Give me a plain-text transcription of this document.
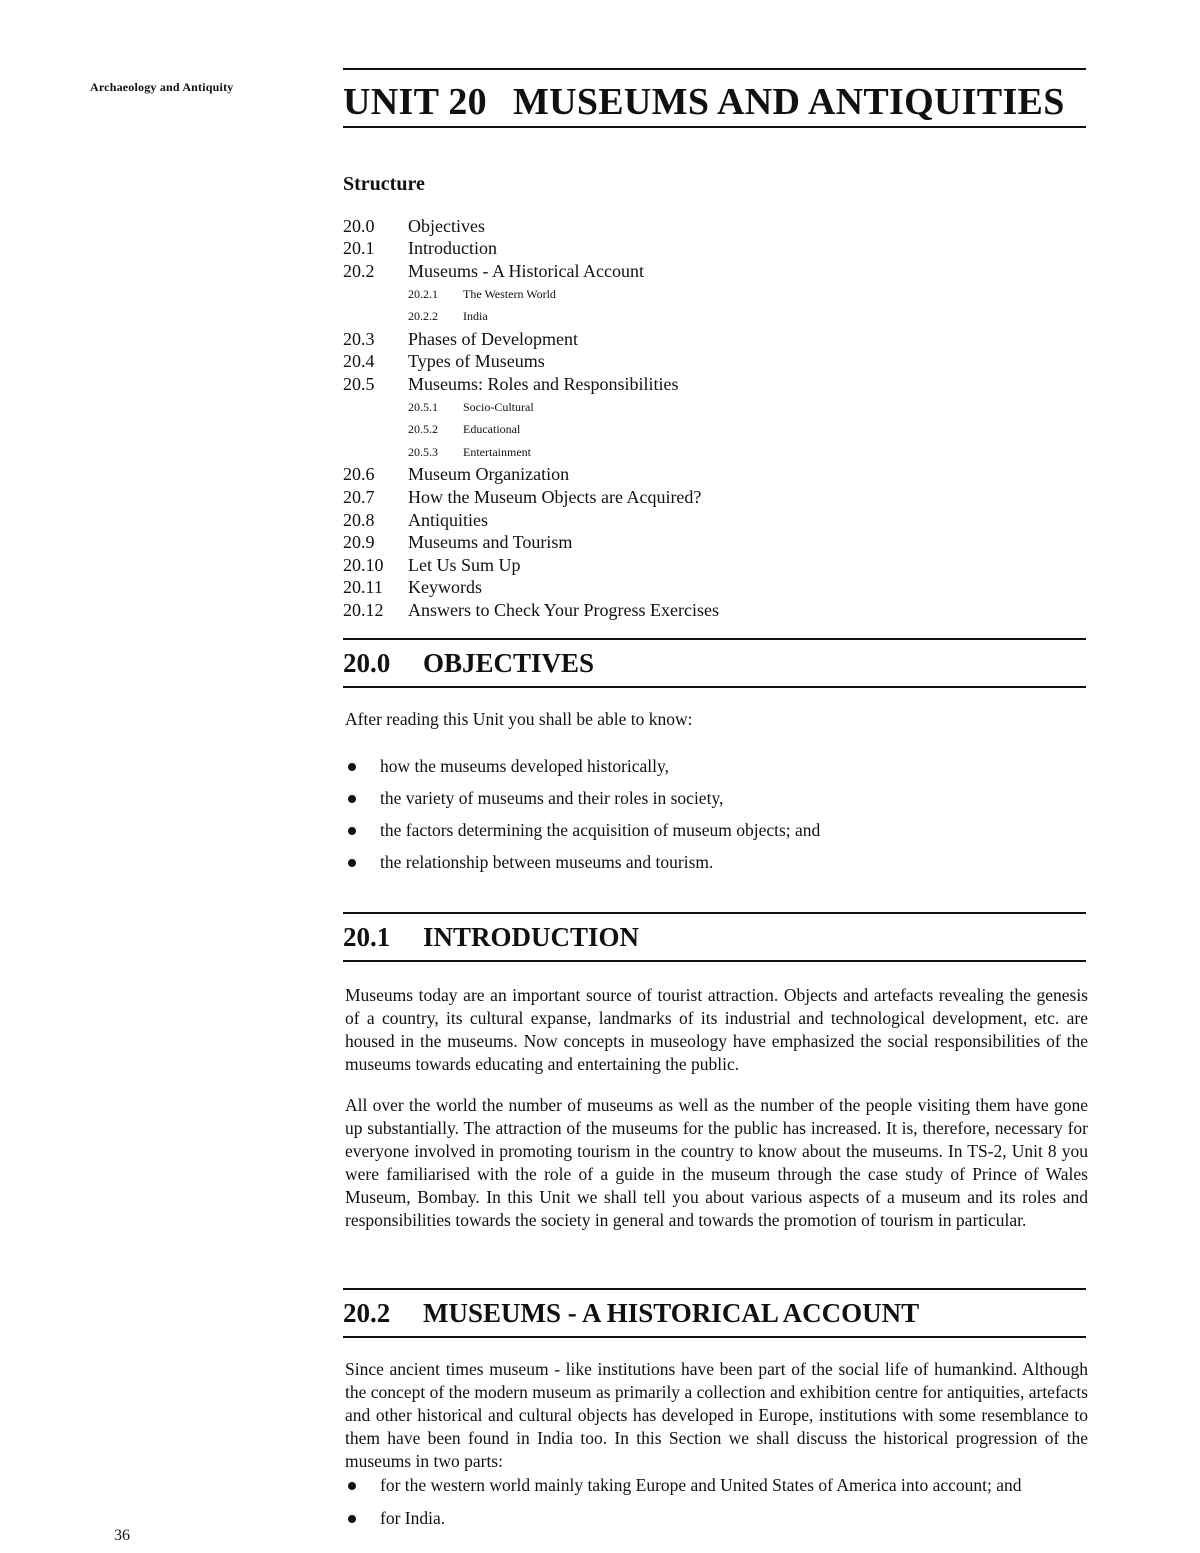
Archaeology and Antiquity	UNIT 20 MUSEUMS AND ANTIQUITIES
Structure
20.0	Objectives
20.1	Introduction
20.2	Museums - A Historical Account
20.2.1	The Western World
20.2.2	India
20.3	Phases of Development
20.4	Types of Museums
20.5	Museums: Roles and Responsibilities
20.5.1	Socio-Cultural
20.5.2	Educational
20.5.3	Entertainment
20.6	Museum Organization
20.7	How the Museum Objects are Acquired?
20.8	Antiquities
20.9	Museums and Tourism
20.10	Let Us Sum Up
20.11	Keywords
20.12	Answers to Check Your Progress Exercises
20.0 OBJECTIVES
After reading this Unit you shall be able to know:
how the museums developed historically,
the variety of museums and their roles in society,
the factors determining the acquisition of museum objects; and
the relationship between museums and tourism.
20.1 INTRODUCTION
Museums today are an important source of tourist attraction. Objects and artefacts revealing the genesis of a country, its cultural expanse, landmarks of its industrial and technological development, etc. are housed in the museums. Now concepts in museology have emphasized the social responsibilities of the museums towards educating and entertaining the public.
All over the world the number of museums as well as the number of the people visiting them have gone up substantially. The attraction of the museums for the public has increased. It is, therefore, necessary for everyone involved in promoting tourism in the country to know about the museums. In TS-2, Unit 8 you were familiarised with the role of a guide in the museum through the case study of Prince of Wales Museum, Bombay. In this Unit we shall tell you about various aspects of a museum and its roles and responsibilities towards the society in general and towards the promotion of tourism in particular.
20.2 MUSEUMS - A HISTORICAL ACCOUNT
Since ancient times museum - like institutions have been part of the social life of humankind. Although the concept of the modern museum as primarily a collection and exhibition centre for antiquities, artefacts and other historical and cultural objects has developed in Europe, institutions with some resemblance to them have been found in India too. In this Section we shall discuss the historical progression of the museums in two parts:
for the western world mainly taking Europe and United States of America into account; and
for India.
36
